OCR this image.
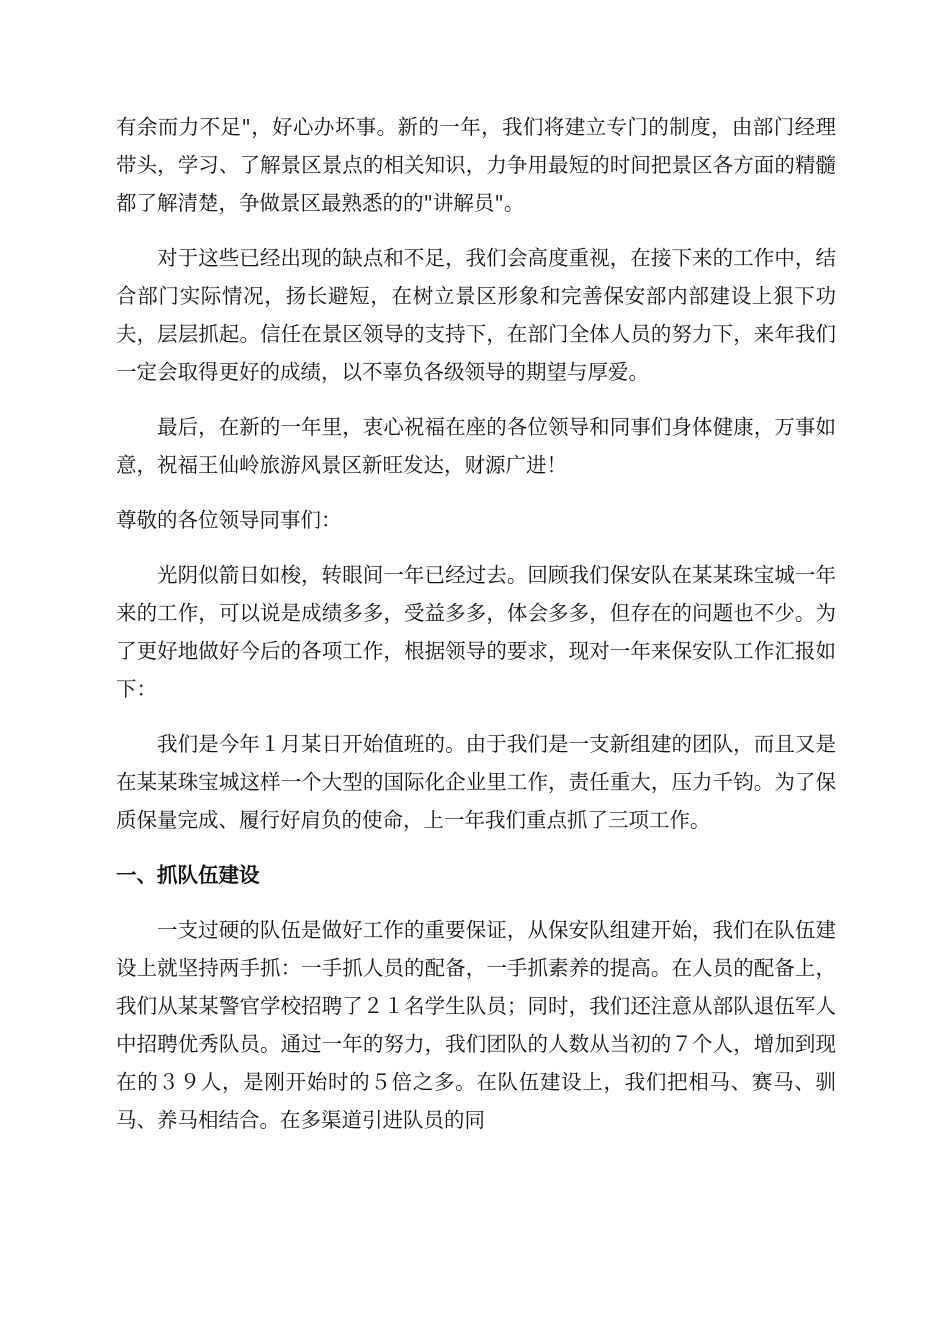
有余而力不足"，好心办坏事。新的一年，我们将建立专门的制度，由部门经理带头，学习、了解景区景点的相关知识，力争用最短的时间把景区各方面的精髓都了解清楚，争做景区最熟悉的的"讲解员"。

对于这些已经出现的缺点和不足，我们会高度重视，在接下来的工作中，结合部门实际情况，扬长避短，在树立景区形象和完善保安部内部建设上狠下功夫，层层抓起。信任在景区领导的支持下，在部门全体人员的努力下，来年我们一定会取得更好的成绩，以不辜负各级领导的期望与厚爱。

最后，在新的一年里，衷心祝福在座的各位领导和同事们身体健康，万事如意，祝福王仙岭旅游风景区新旺发达，财源广进！

尊敬的各位领导同事们：

光阴似箭日如梭，转眼间一年已经过去。回顾我们保安队在某某珠宝城一年来的工作，可以说是成绩多多，受益多多，体会多多，但存在的问题也不少。为了更好地做好今后的各项工作，根据领导的要求，现对一年来保安队工作汇报如下：

我们是今年１月某日开始值班的。由于我们是一支新组建的团队，而且又是在某某珠宝城这样一个大型的国际化企业里工作，责任重大，压力千钧。为了保质保量完成、履行好肩负的使命，上一年我们重点抓了三项工作。

一、抓队伍建设

一支过硬的队伍是做好工作的重要保证，从保安队组建开始，我们在队伍建设上就坚持两手抓：一手抓人员的配备，一手抓素养的提高。在人员的配备上，我们从某某警官学校招聘了２１名学生队员；同时，我们还注意从部队退伍军人中招聘优秀队员。通过一年的努力，我们团队的人数从当初的７个人，增加到现在的３９人，是刚开始时的５倍之多。在队伍建设上，我们把相马、赛马、驯马、养马相结合。在多渠道引进队员的同
